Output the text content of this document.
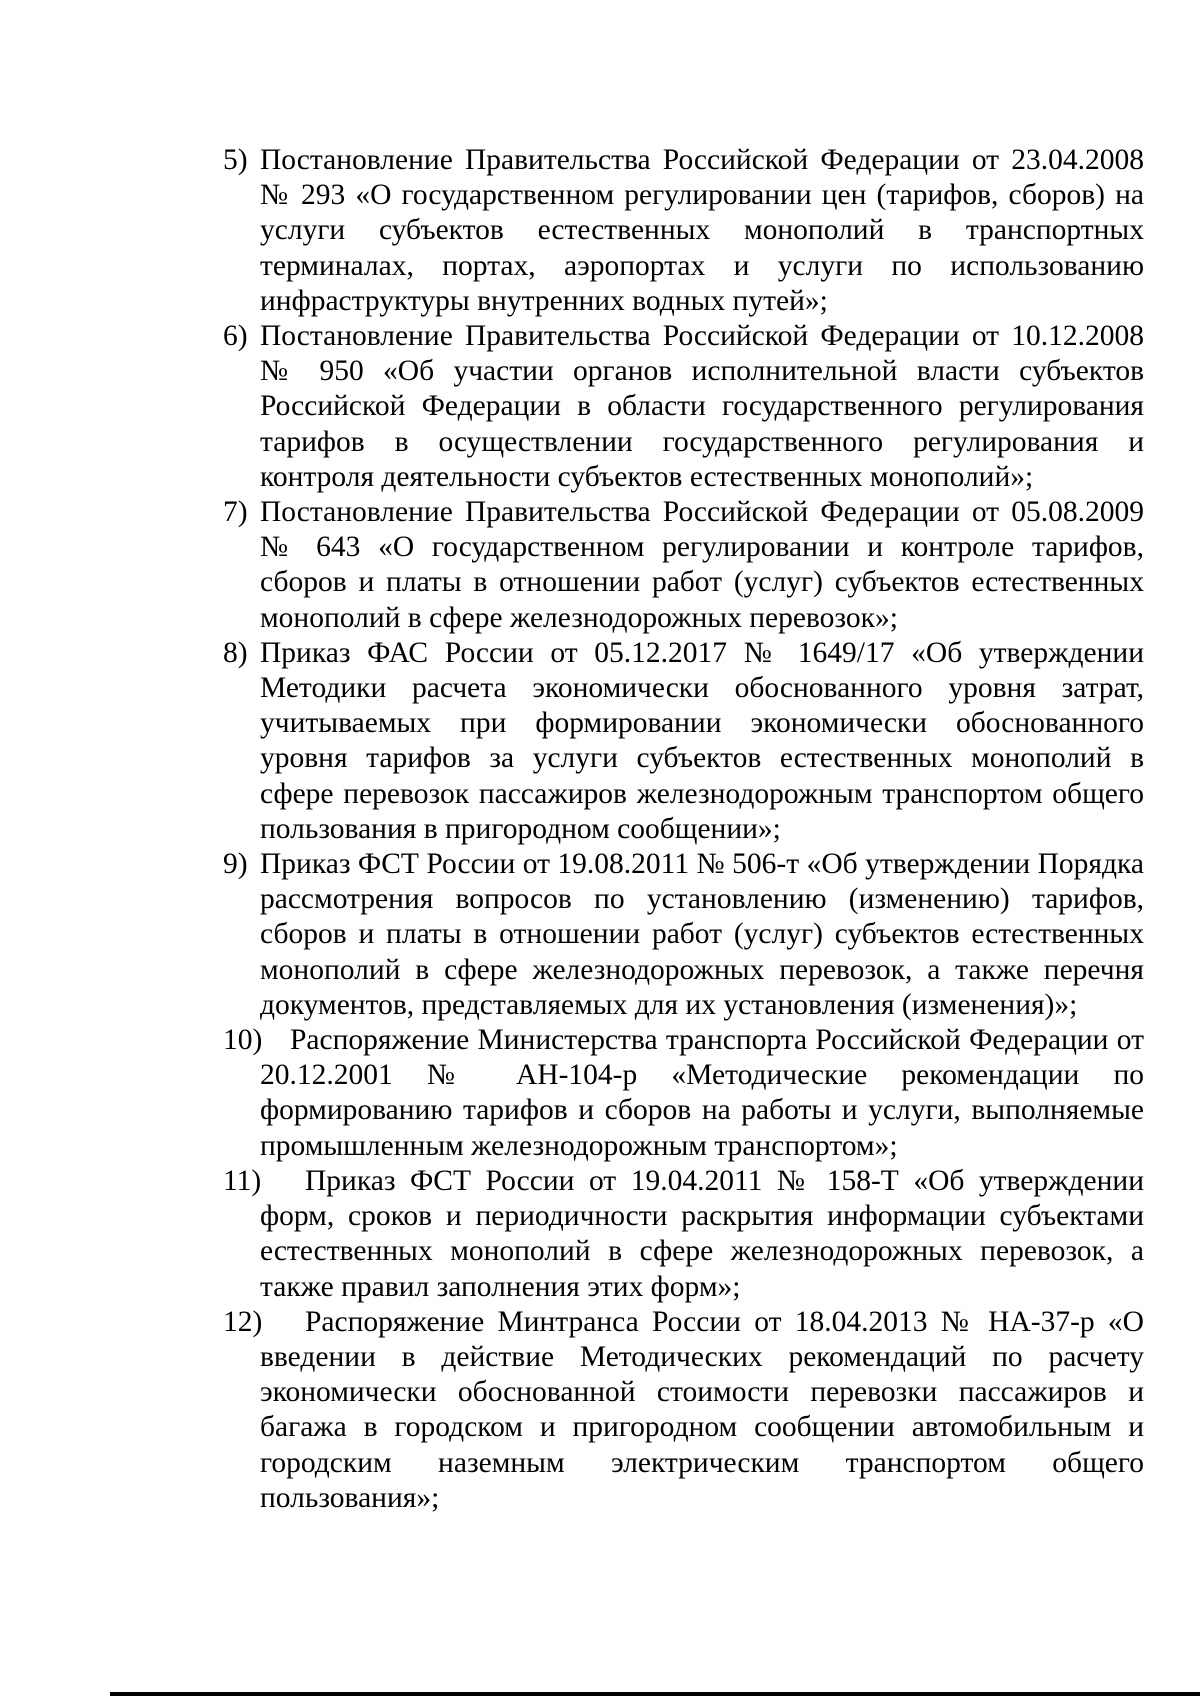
5) Постановление Правительства Российской Федерации от 23.04.2008 № 293 «О государственном регулировании цен (тарифов, сборов) на услуги субъектов естественных монополий в транспортных терминалах, портах, аэропортах и услуги по использованию инфраструктуры внутренних водных путей»;
6) Постановление Правительства Российской Федерации от 10.12.2008 № 950 «Об участии органов исполнительной власти субъектов Российской Федерации в области государственного регулирования тарифов в осуществлении государственного регулирования и контроля деятельности субъектов естественных монополий»;
7) Постановление Правительства Российской Федерации от 05.08.2009 № 643 «О государственном регулировании и контроле тарифов, сборов и платы в отношении работ (услуг) субъектов естественных монополий в сфере железнодорожных перевозок»;
8) Приказ ФАС России от 05.12.2017 № 1649/17 «Об утверждении Методики расчета экономически обоснованного уровня затрат, учитываемых при формировании экономически обоснованного уровня тарифов за услуги субъектов естественных монополий в сфере перевозок пассажиров железнодорожным транспортом общего пользования в пригородном сообщении»;
9) Приказ ФСТ России от 19.08.2011 № 506-т «Об утверждении Порядка рассмотрения вопросов по установлению (изменению) тарифов, сборов и платы в отношении работ (услуг) субъектов естественных монополий в сфере железнодорожных перевозок, а также перечня документов, представляемых для их установления (изменения)»;
10) Распоряжение Министерства транспорта Российской Федерации от 20.12.2001 № АН-104-р «Методические рекомендации по формированию тарифов и сборов на работы и услуги, выполняемые промышленным железнодорожным транспортом»;
11)	Приказ ФСТ России от 19.04.2011 № 158-Т «Об утверждении форм, сроков и периодичности раскрытия информации субъектами естественных монополий в сфере железнодорожных перевозок, а также правил заполнения этих форм»;
12)	Распоряжение Минтранса России от 18.04.2013 № НА-37-р «О введении в действие Методических рекомендаций по расчету экономически обоснованной стоимости перевозки пассажиров и багажа в городском и пригородном сообщении автомобильным и городским наземным электрическим транспортом общего пользования»;
